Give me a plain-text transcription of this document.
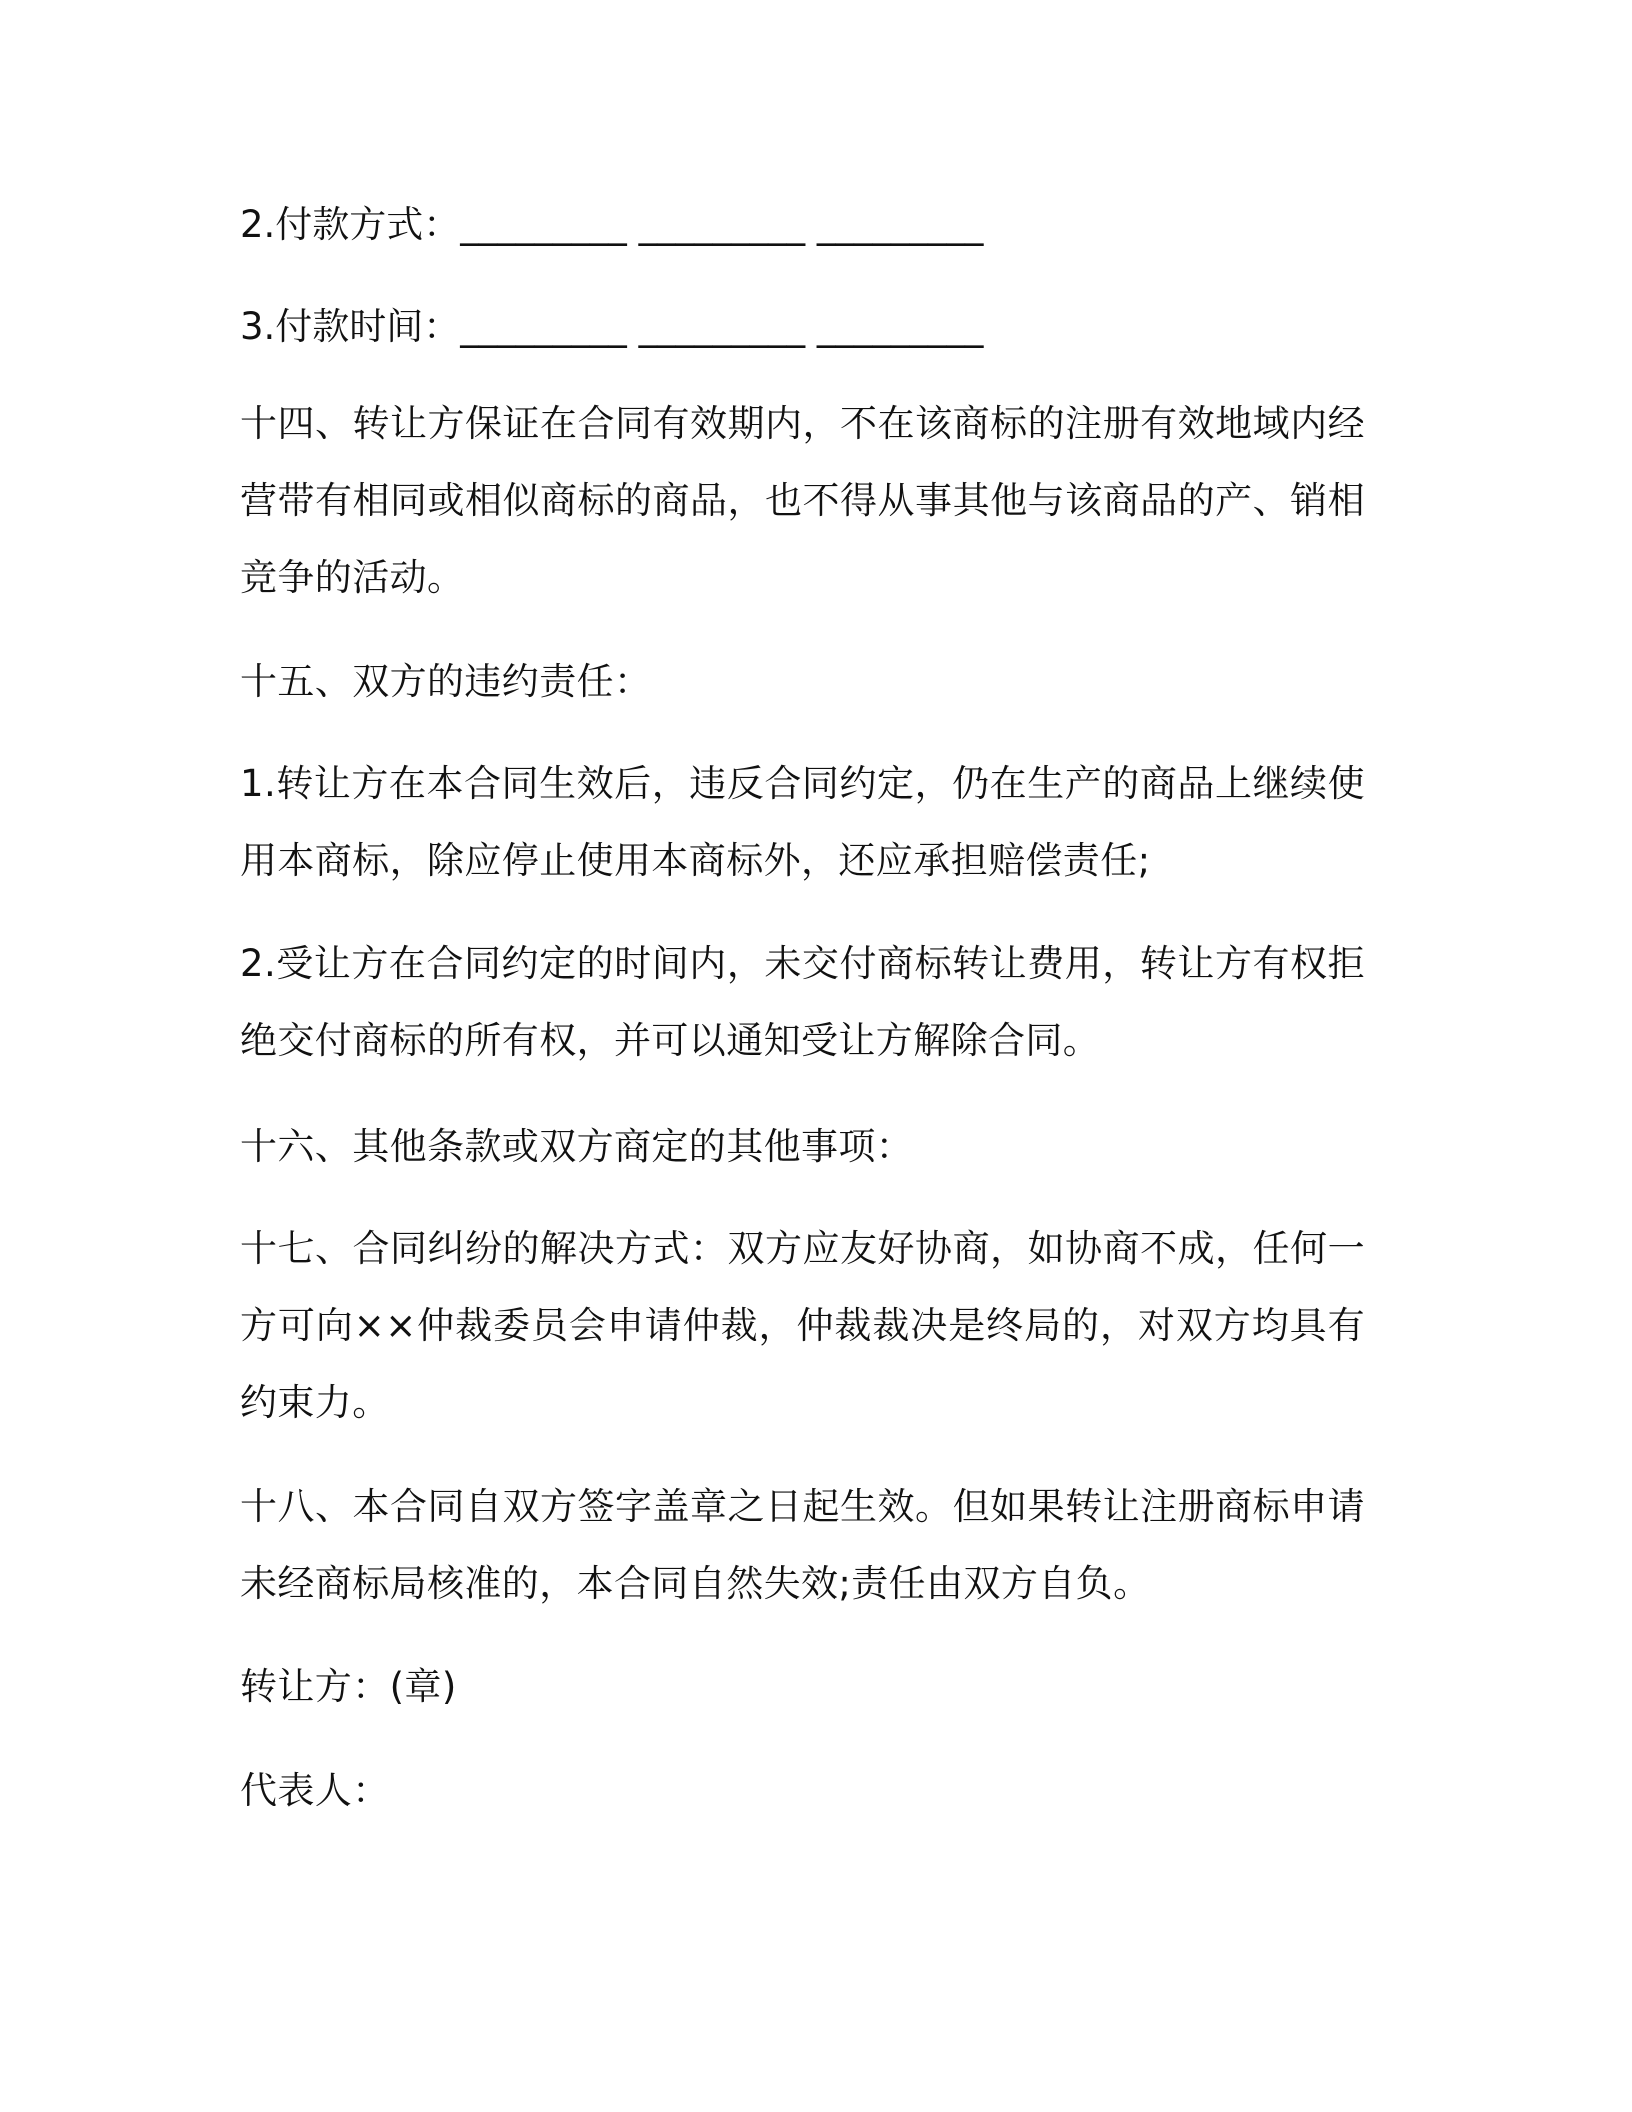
2.付款方式：_________ _________ _________
3.付款时间：_________ _________ _________
十四、转让方保证在合同有效期内，不在该商标的注册有效地域内经营带有相同或相似商标的商品，也不得从事其他与该商品的产、销相竞争的活动。
十五、双方的违约责任：
1.转让方在本合同生效后，违反合同约定，仍在生产的商品上继续使用本商标，除应停止使用本商标外，还应承担赔偿责任;
2.受让方在合同约定的时间内，未交付商标转让费用，转让方有权拒绝交付商标的所有权，并可以通知受让方解除合同。
十六、其他条款或双方商定的其他事项：
十七、合同纠纷的解决方式：双方应友好协商，如协商不成，任何一方可向××仲裁委员会申请仲裁，仲裁裁决是终局的，对双方均具有约束力。
十八、本合同自双方签字盖章之日起生效。但如果转让注册商标申请未经商标局核准的，本合同自然失效;责任由双方自负。
转让方：(章)
代表人：
